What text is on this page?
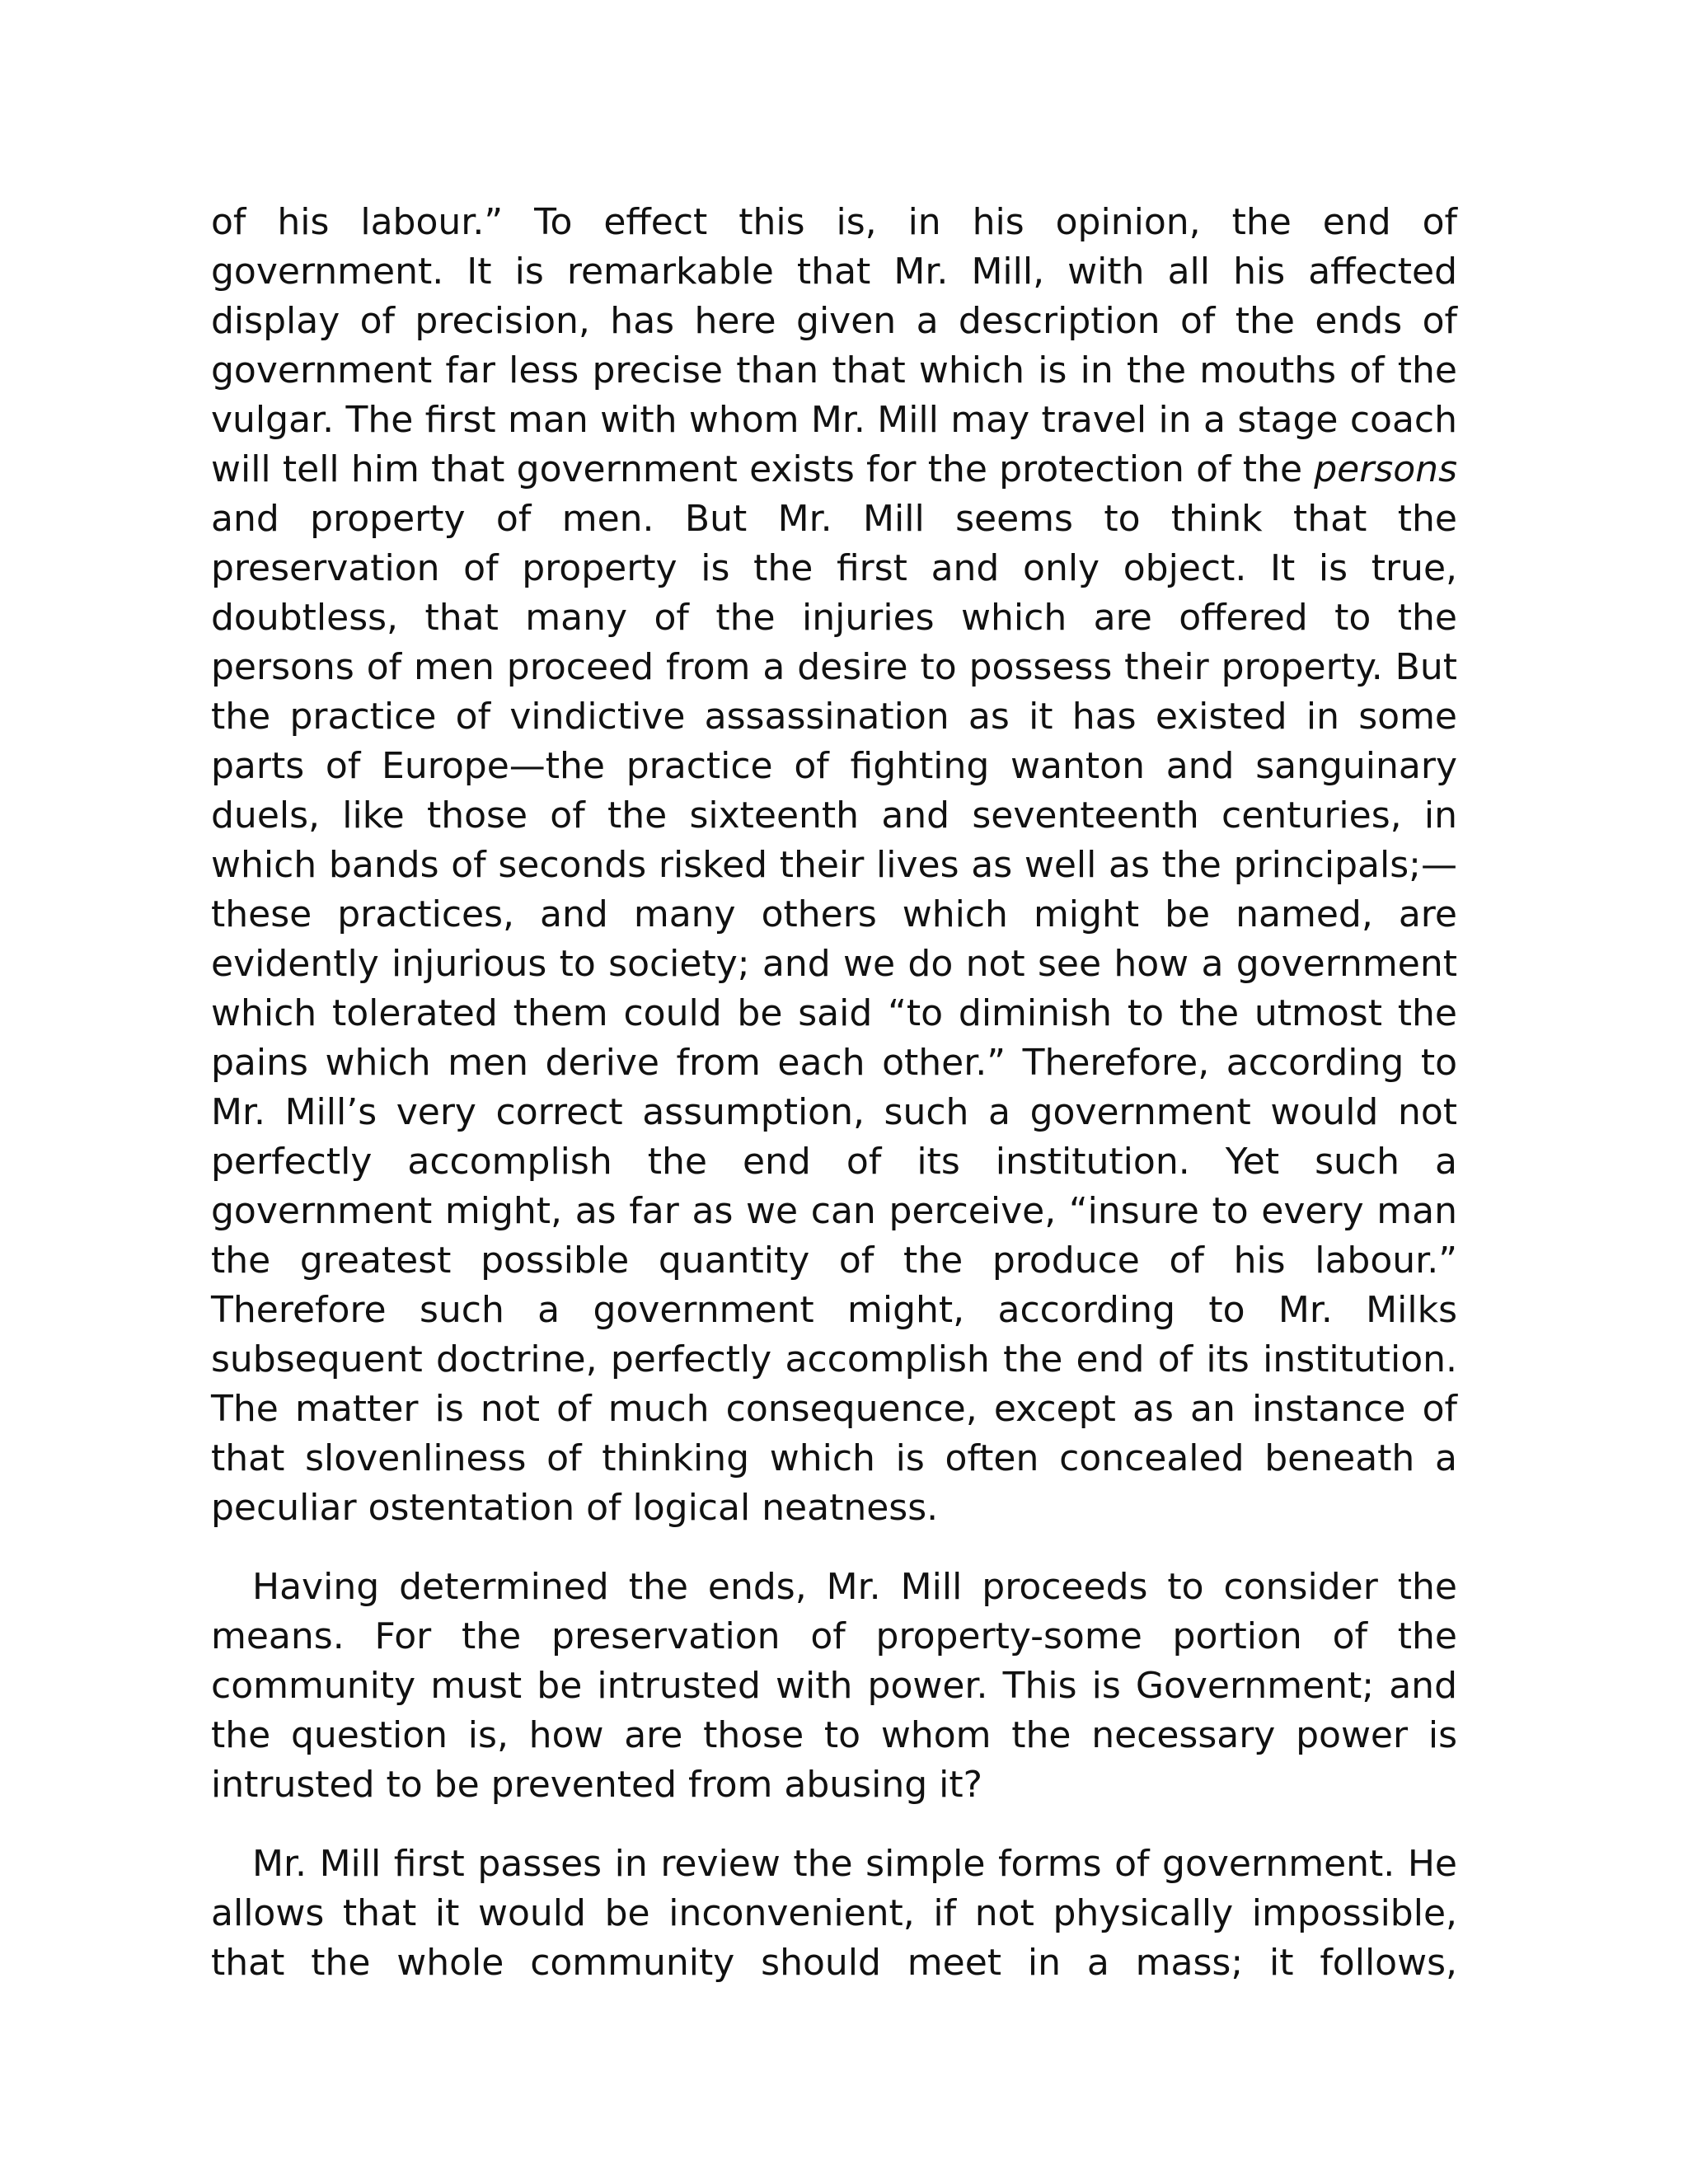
of his labour.” To effect this is, in his opinion, the end of government. It is remarkable that Mr. Mill, with all his affected display of precision, has here given a description of the ends of government far less precise than that which is in the mouths of the vulgar. The first man with whom Mr. Mill may travel in a stage coach will tell him that government exists for the protection of the persons and property of men. But Mr. Mill seems to think that the preservation of property is the first and only object. It is true, doubtless, that many of the injuries which are offered to the persons of men proceed from a desire to possess their property. But the practice of vindictive assassination as it has existed in some parts of Europe—the practice of fighting wanton and sanguinary duels, like those of the sixteenth and seventeenth centuries, in which bands of seconds risked their lives as well as the principals;—these practices, and many others which might be named, are evidently injurious to society; and we do not see how a government which tolerated them could be said “to diminish to the utmost the pains which men derive from each other.” Therefore, according to Mr. Mill’s very correct assumption, such a government would not perfectly accomplish the end of its institution. Yet such a government might, as far as we can perceive, “insure to every man the greatest possible quantity of the produce of his labour.” Therefore such a government might, according to Mr. Milks subsequent doctrine, perfectly accomplish the end of its institution. The matter is not of much consequence, except as an instance of that slovenliness of thinking which is often concealed beneath a peculiar ostentation of logical neatness.

Having determined the ends, Mr. Mill proceeds to consider the means. For the preservation of property-some portion of the community must be intrusted with power. This is Government; and the question is, how are those to whom the necessary power is intrusted to be prevented from abusing it?

Mr. Mill first passes in review the simple forms of government. He allows that it would be inconvenient, if not physically impossible, that the whole community should meet in a mass; it follows,
